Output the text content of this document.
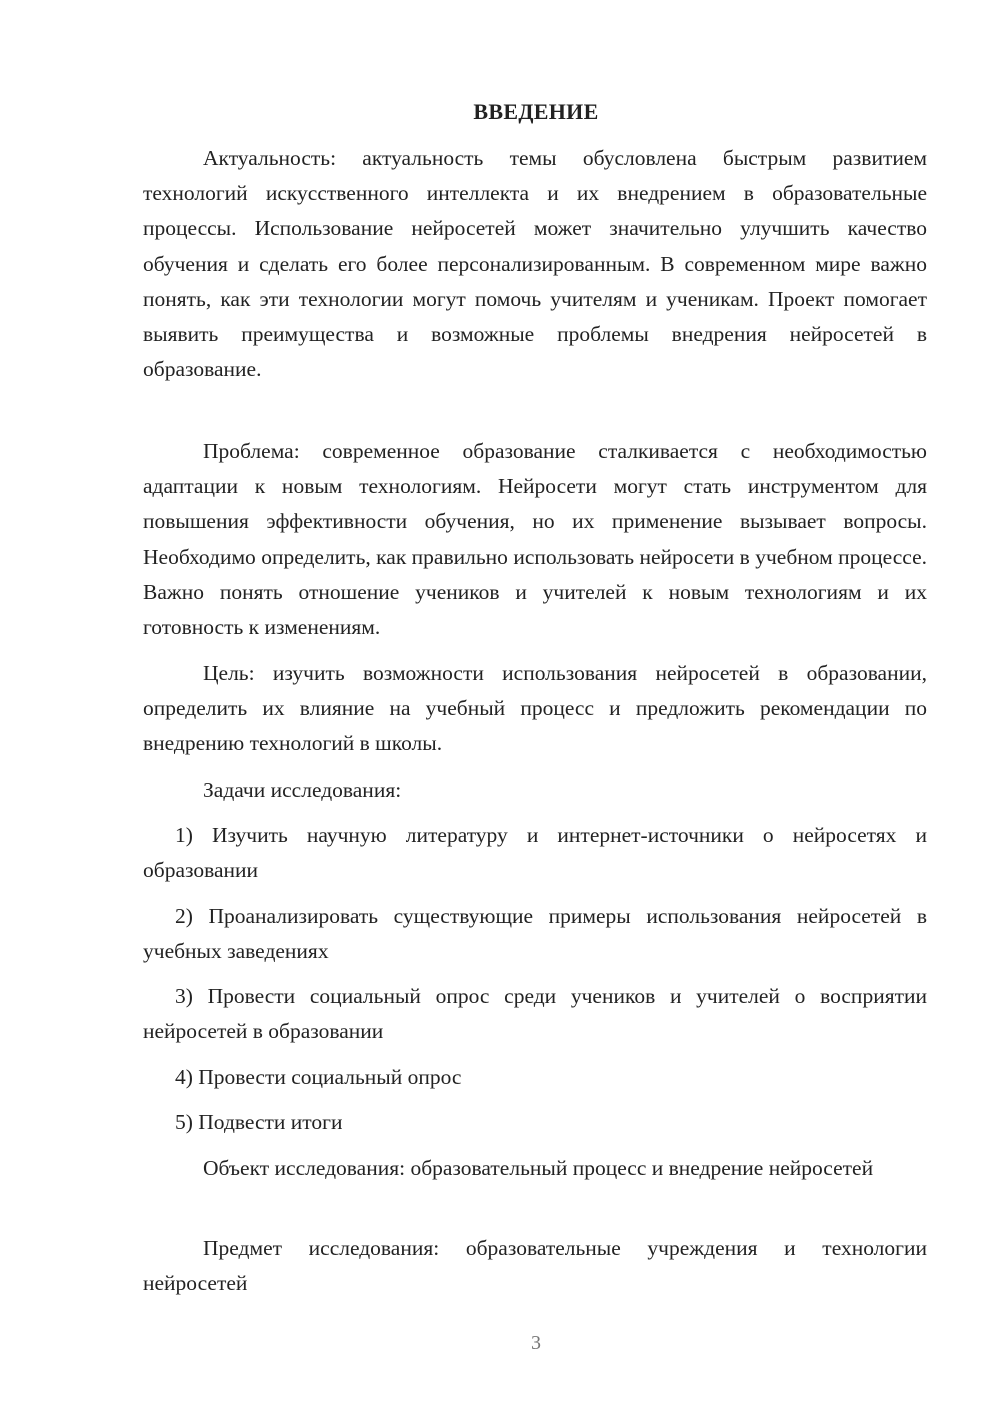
ВВЕДЕНИЕ

Актуальность: актуальность темы обусловлена быстрым развитием технологий искусственного интеллекта и их внедрением в образовательные процессы. Использование нейросетей может значительно улучшить качество обучения и сделать его более персонализированным. В современном мире важно понять, как эти технологии могут помочь учителям и ученикам. Проект помогает выявить преимущества и возможные проблемы внедрения нейросетей в образование.

Проблема: современное образование сталкивается с необходимостью адаптации к новым технологиям. Нейросети могут стать инструментом для повышения эффективности обучения, но их применение вызывает вопросы. Необходимо определить, как правильно использовать нейросети в учебном процессе. Важно понять отношение учеников и учителей к новым технологиям и их готовность к изменениям.

Цель: изучить возможности использования нейросетей в образовании, определить их влияние на учебный процесс и предложить рекомендации по внедрению технологий в школы.

Задачи исследования:

1) Изучить научную литературу и интернет-источники о нейросетях и образовании

2) Проанализировать существующие примеры использования нейросетей в учебных заведениях

3) Провести социальный опрос среди учеников и учителей о восприятии нейросетей в образовании

4) Провести социальный опрос

5) Подвести итоги

Объект исследования: образовательный процесс и внедрение нейросетей

Предмет исследования: образовательные учреждения и технологии нейросетей

3
